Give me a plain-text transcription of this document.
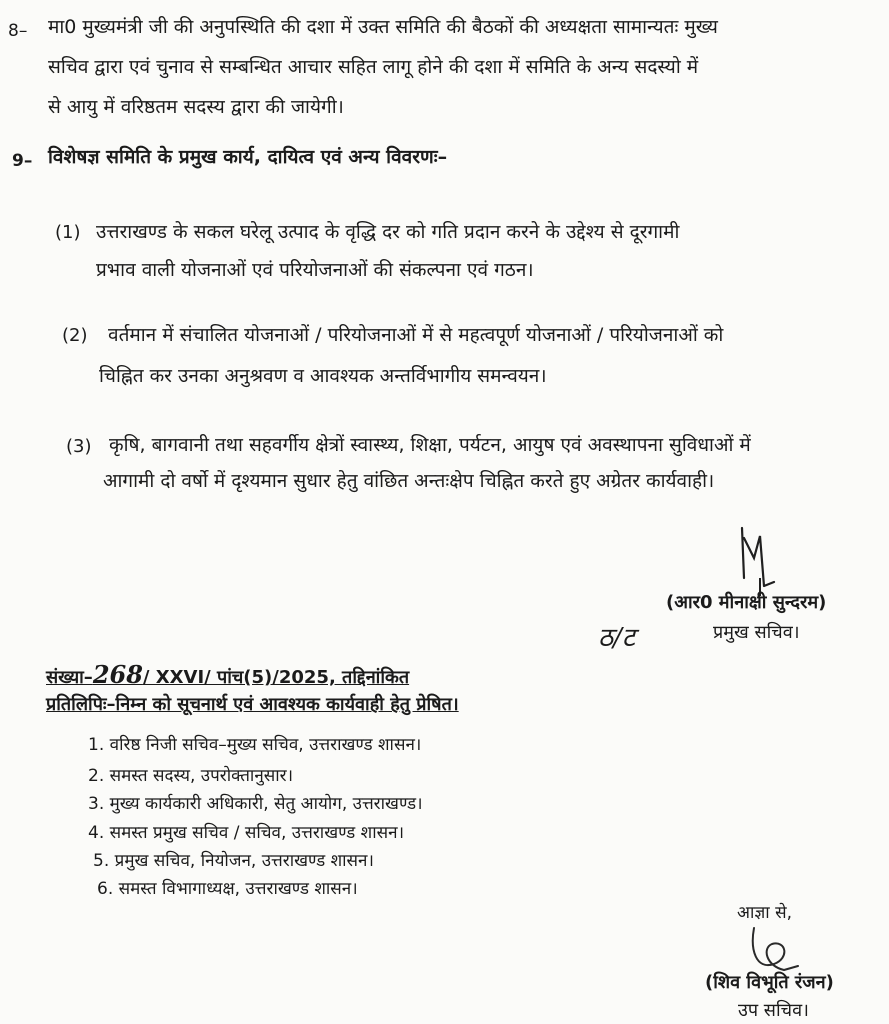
8– मा0 मुख्यमंत्री जी की अनुपस्थिति की दशा में उक्त समिति की बैठकों की अध्यक्षता सामान्यतः मुख्य
सचिव द्वारा एवं चुनाव से सम्बन्धित आचार सहित लागू होने की दशा में समिति के अन्य सदस्यो में
से आयु में वरिष्ठतम सदस्य द्वारा की जायेगी।
9– विशेषज्ञ समिति के प्रमुख कार्य, दायित्व एवं अन्य विवरणः–
(1) उत्तराखण्ड के सकल घरेलू उत्पाद के वृद्धि दर को गति प्रदान करने के उद्देश्य से दूरगामी
प्रभाव वाली योजनाओं एवं परियोजनाओं की संकल्पना एवं गठन।
(2) वर्तमान में संचालित योजनाओं / परियोजनाओं में से महत्वपूर्ण योजनाओं / परियोजनाओं को
चिह्नित कर उनका अनुश्रवण व आवश्यक अन्तर्विभागीय समन्वयन।
(3) कृषि, बागवानी तथा सहवर्गीय क्षेत्रों स्वास्थ्य, शिक्षा, पर्यटन, आयुष एवं अवस्थापना सुविधाओं में
आगामी दो वर्षो में दृश्यमान सुधार हेतु वांछित अन्तःक्षेप चिह्नित करते हुए अग्रेतर कार्यवाही।
(आर0 मीनाक्षी सुन्दरम)
प्रमुख सचिव।
ठ/ट
संख्या–268/ XXVI/ पांच(5)/2025, तद्दिनांकित
प्रतिलिपिः–निम्न को सूचनार्थ एवं आवश्यक कार्यवाही हेतु प्रेषित।
1. वरिष्ठ निजी सचिव–मुख्य सचिव, उत्तराखण्ड शासन।
2. समस्त सदस्य, उपरोक्तानुसार।
3. मुख्य कार्यकारी अधिकारी, सेतु आयोग, उत्तराखण्ड।
4. समस्त प्रमुख सचिव / सचिव, उत्तराखण्ड शासन।
5. प्रमुख सचिव, नियोजन, उत्तराखण्ड शासन।
6. समस्त विभागाध्यक्ष, उत्तराखण्ड शासन।
आज्ञा से,
(शिव विभूति रंजन)
उप सचिव।
